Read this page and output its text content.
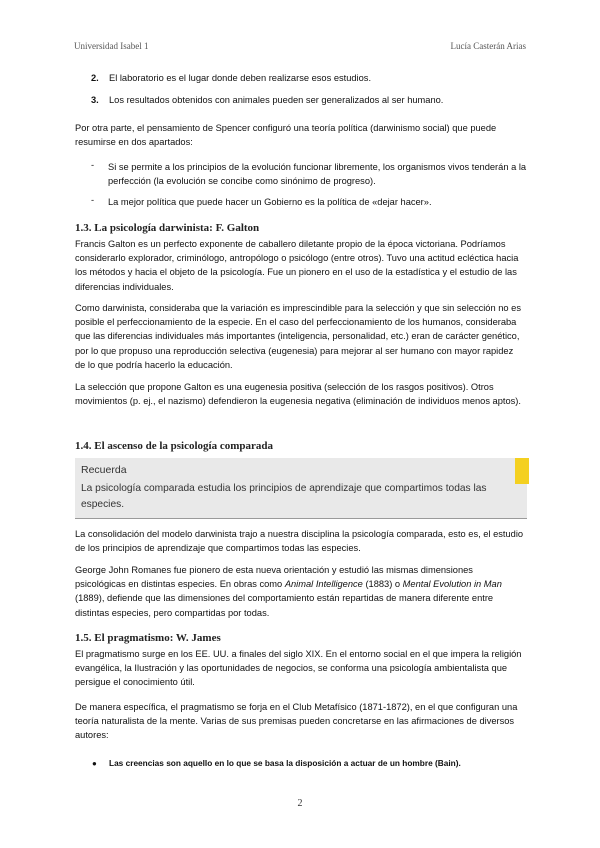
Universidad Isabel 1	Lucía Casterán Arias
2. El laboratorio es el lugar donde deben realizarse esos estudios.
3. Los resultados obtenidos con animales pueden ser generalizados al ser humano.
Por otra parte, el pensamiento de Spencer configuró una teoría política (darwinismo social) que puede resumirse en dos apartados:
- Si se permite a los principios de la evolución funcionar libremente, los organismos vivos tenderán a la perfección (la evolución se concibe como sinónimo de progreso).
- La mejor política que puede hacer un Gobierno es la política de «dejar hacer».
1.3. La psicología darwinista: F. Galton
Francis Galton es un perfecto exponente de caballero diletante propio de la época victoriana. Podríamos considerarlo explorador, criminólogo, antropólogo o psicólogo (entre otros). Tuvo una actitud ecléctica hacia los métodos y hacia el objeto de la psicología. Fue un pionero en el uso de la estadística y el estudio de las diferencias individuales.
Como darwinista, consideraba que la variación es imprescindible para la selección y que sin selección no es posible el perfeccionamiento de la especie. En el caso del perfeccionamiento de los humanos, consideraba que las diferencias individuales más importantes (inteligencia, personalidad, etc.) eran de carácter genético, por lo que propuso una reproducción selectiva (eugenesia) para mejorar al ser humano con mayor rapidez de lo que podría hacerlo la educación.
La selección que propone Galton es una eugenesia positiva (selección de los rasgos positivos). Otros movimientos (p. ej., el nazismo) defendieron la eugenesia negativa (eliminación de individuos menos aptos).
1.4. El ascenso de la psicología comparada
Recuerda
La psicología comparada estudia los principios de aprendizaje que compartimos todas las especies.
La consolidación del modelo darwinista trajo a nuestra disciplina la psicología comparada, esto es, el estudio de los principios de aprendizaje que compartimos todas las especies.
George John Romanes fue pionero de esta nueva orientación y estudió las mismas dimensiones psicológicas en distintas especies. En obras como Animal Intelligence (1883) o Mental Evolution in Man (1889), defiende que las dimensiones del comportamiento están repartidas de manera diferente entre distintas especies, pero compartidas por todas.
1.5. El pragmatismo: W. James
El pragmatismo surge en los EE. UU. a finales del siglo XIX. En el entorno social en el que impera la religión evangélica, la Ilustración y las oportunidades de negocios, se conforma una psicología ambientalista que persigue el conocimiento útil.
De manera específica, el pragmatismo se forja en el Club Metafísico (1871-1872), en el que configuran una teoría naturalista de la mente. Varias de sus premisas pueden concretarse en las afirmaciones de diversos autores:
● Las creencias son aquello en lo que se basa la disposición a actuar de un hombre (Bain).
2
